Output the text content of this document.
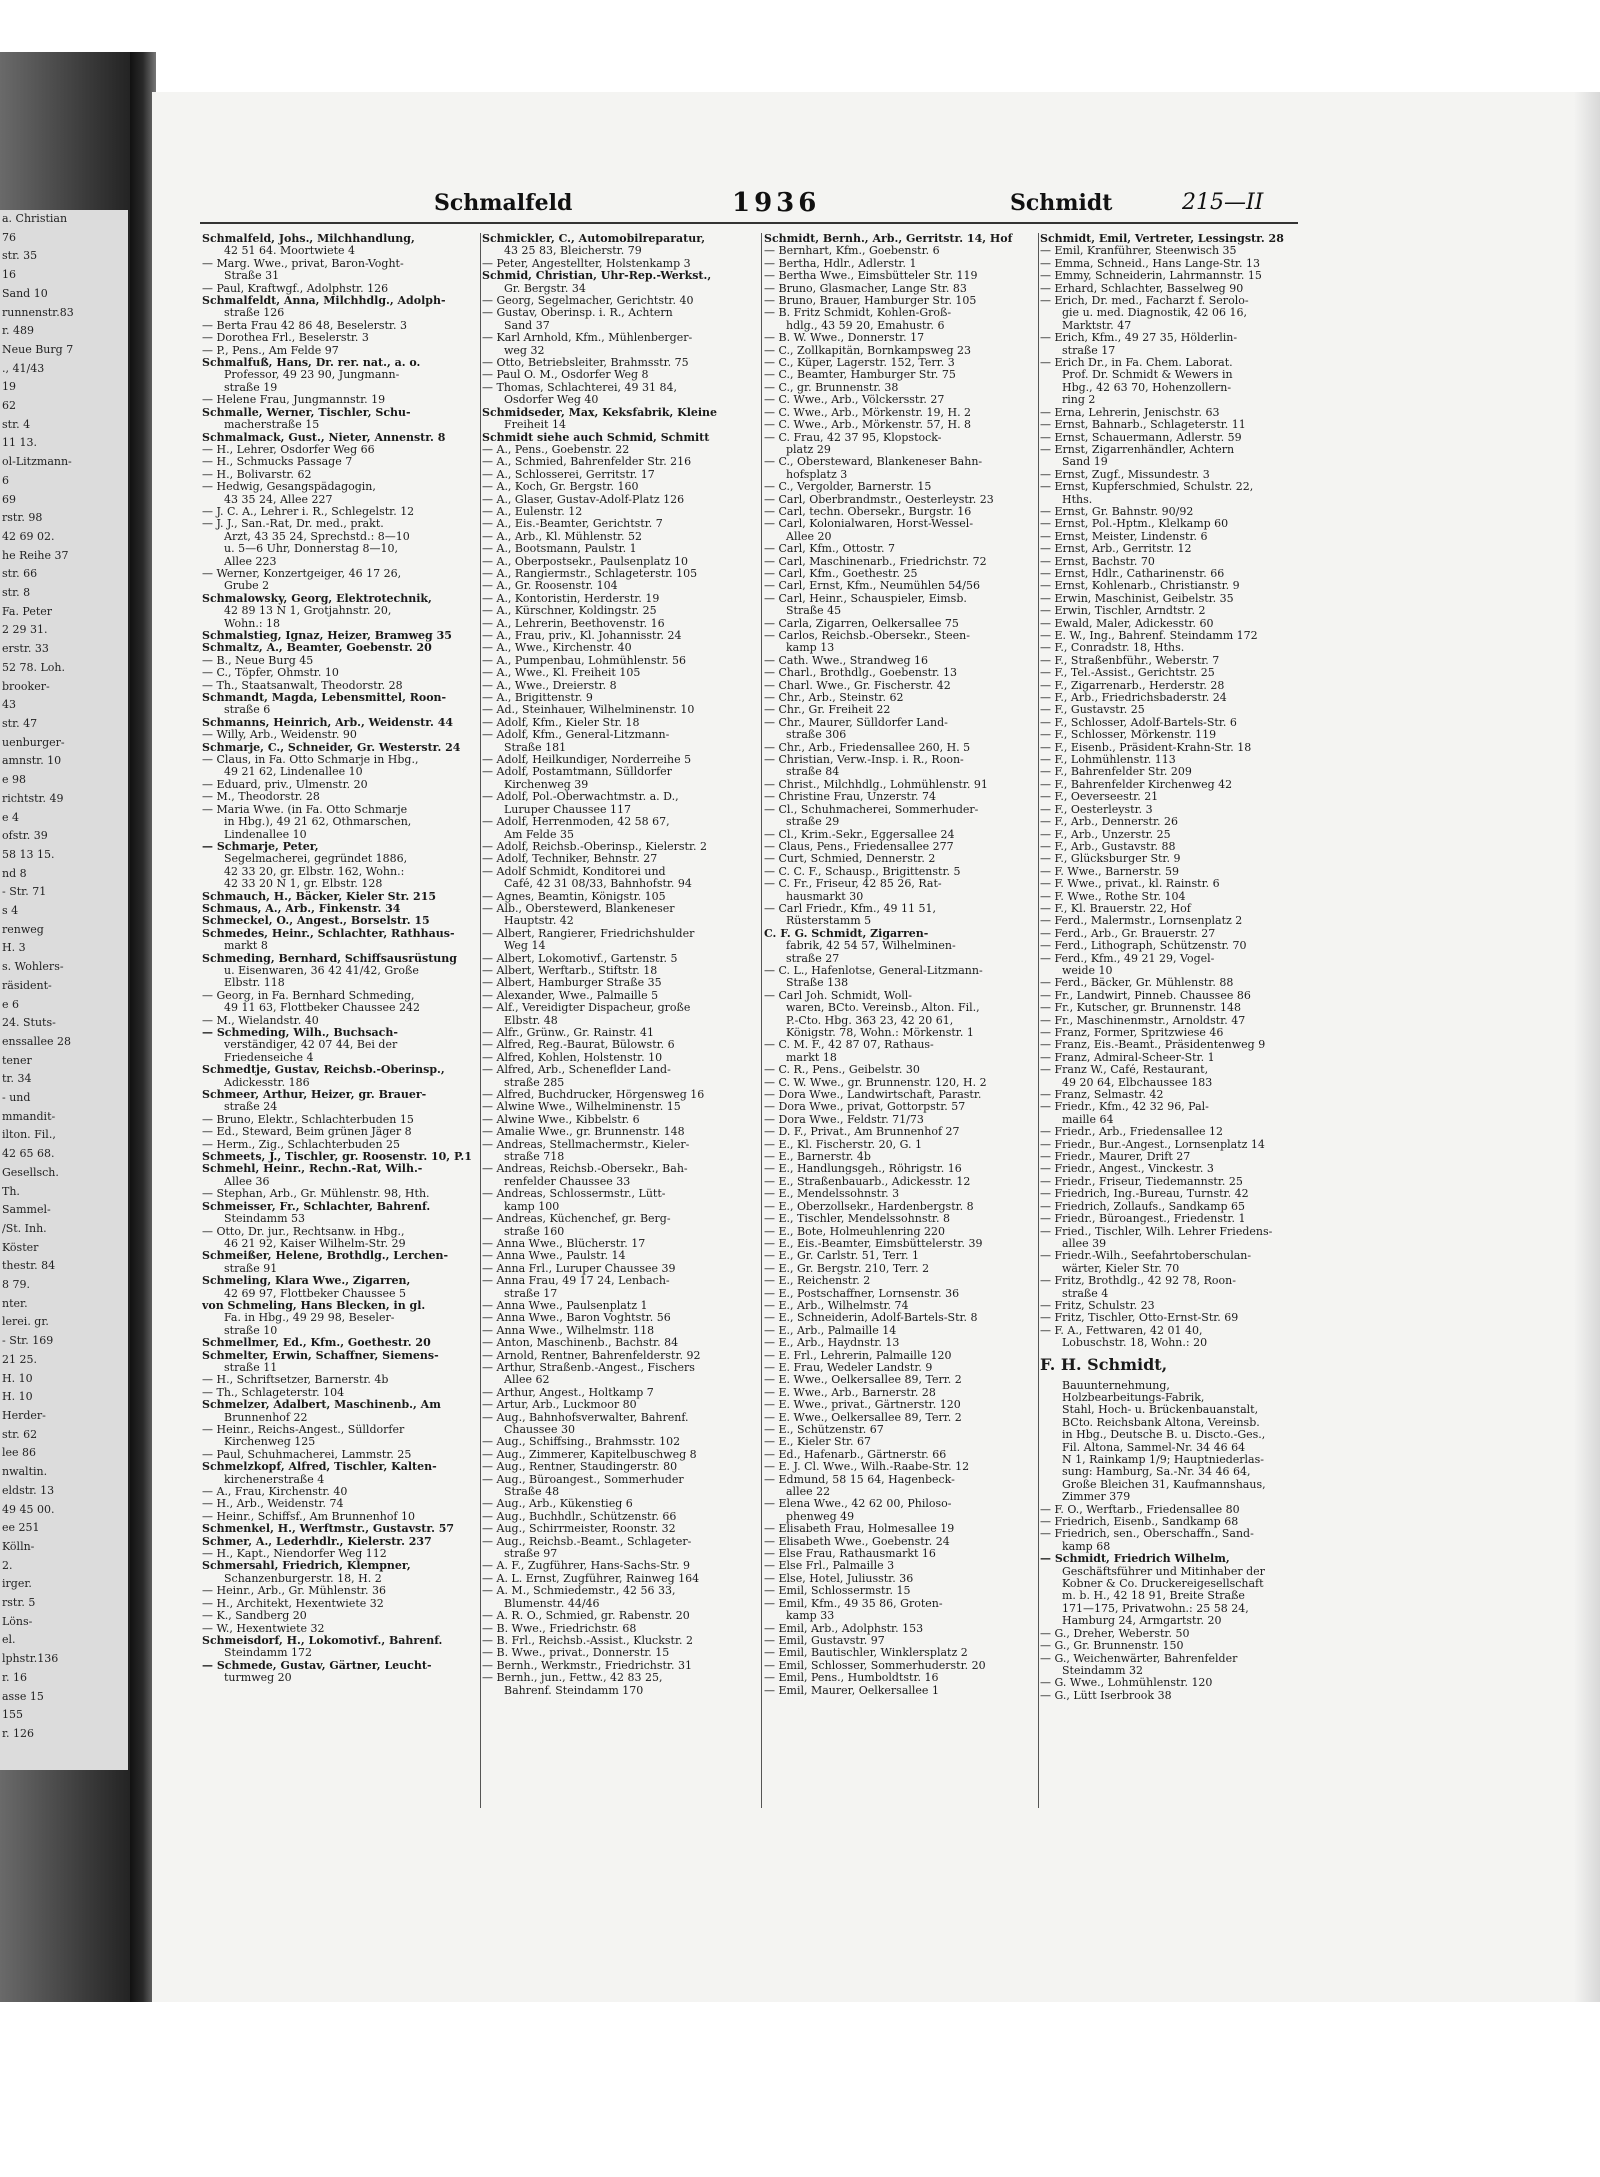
a. Christian
76
str. 35
16
Sand 10
runnenstr.83
r. 489
Neue Burg 7
., 41/43
19
62
str. 4
11 13.
ol-Litzmann-
6
69
rstr. 98
42 69 02.
he Reihe 37
str. 66
str. 8
Fa. Peter
2 29 31.
erstr. 33
52 78. Loh.
brooker-
43
str. 47
uenburger-
amnstr. 10
e 98
richtstr. 49
e 4
ofstr. 39
58 13 15.
nd 8
- Str. 71
s 4
renweg
H. 3
s. Wohlers-
räsident-
e 6
24. Stuts-
enssallee 28
tener
tr. 34
- und
mmandit-
ilton. Fil.,
42 65 68.
Gesellsch.
Th.
Sammel-
/St. Inh.
Köster
thestr. 84
8 79.
nter.
lerei. gr.
- Str. 169
21 25.
H. 10
H. 10
Herder-
str. 62
lee 86
nwaltin.
eldstr. 13
49 45 00.
ee 251
Kölln-
2.
irger.
rstr. 5
Löns-
el.
lphstr.136
r. 16
asse 15
155
r. 126
Schmalfeld	1936	Schmidt	215—II
Schmalfeld, Johs., Milchhandlung,
42 51 64. Moortwiete 4
— Marg. Wwe., privat, Baron-Voght-
Straße 31
— Paul, Kraftwgf., Adolphstr. 126
Schmalfeldt, Anna, Milchhdlg., Adolph-
straße 126
— Berta Frau 42 86 48, Beselerstr. 3
— Dorothea Frl., Beselerstr. 3
— P., Pens., Am Felde 97
Schmalfuß, Hans, Dr. rer. nat., a. o.
Professor, 49 23 90, Jungmann-
straße 19
— Helene Frau, Jungmannstr. 19
Schmalle, Werner, Tischler, Schu-
macherstraße 15
Schmalmack, Gust., Nieter, Annenstr. 8
— H., Lehrer, Osdorfer Weg 66
— H., Schmucks Passage 7
— H., Bolivarstr. 62
— Hedwig, Gesangspädagogin,
43 35 24, Allee 227
— J. C. A., Lehrer i. R., Schlegelstr. 12
— J. J., San.-Rat, Dr. med., prakt.
Arzt, 43 35 24, Sprechstd.: 8—10
u. 5—6 Uhr, Donnerstag 8—10,
Allee 223
— Werner, Konzertgeiger, 46 17 26,
Grube 2
Schmalowsky, Georg, Elektrotechnik,
42 89 13 N 1, Grotjahnstr. 20,
Wohn.: 18
Schmalstieg, Ignaz, Heizer, Bramweg 35
Schmaltz, A., Beamter, Goebenstr. 20
— B., Neue Burg 45
— C., Töpfer, Ohmstr. 10
— Th., Staatsanwalt, Theodorstr. 28
Schmandt, Magda, Lebensmittel, Roon-
straße 6
Schmanns, Heinrich, Arb., Weidenstr. 44
— Willy, Arb., Weidenstr. 90
Schmarje, C., Schneider, Gr. Westerstr. 24
— Claus, in Fa. Otto Schmarje in Hbg.,
49 21 62, Lindenallee 10
— Eduard, priv., Ulmenstr. 20
— M., Theodorstr. 28
— Maria Wwe. (in Fa. Otto Schmarje
in Hbg.), 49 21 62, Othmarschen,
Lindenallee 10
— Schmarje, Peter,
Segelmacherei, gegründet 1886,
42 33 20, gr. Elbstr. 162, Wohn.:
42 33 20 N 1, gr. Elbstr. 128
Schmauch, H., Bäcker, Kieler Str. 215
Schmaus, A., Arb., Finkenstr. 34
Schmeckel, O., Angest., Borselstr. 15
Schmedes, Heinr., Schlachter, Rathhaus-
markt 8
Schmeding, Bernhard, Schiffsausrüstung
u. Eisenwaren, 36 42 41/42, Große
Elbstr. 118
— Georg, in Fa. Bernhard Schmeding,
49 11 63, Flottbeker Chaussee 242
— M., Wielandstr. 40
— Schmeding, Wilh., Buchsach-
verständiger, 42 07 44, Bei der
Friedenseiche 4
Schmedtje, Gustav, Reichsb.-Oberinsp.,
Adickesstr. 186
Schmeer, Arthur, Heizer, gr. Brauer-
straße 24
— Bruno, Elektr., Schlachterbuden 15
— Ed., Steward, Beim grünen Jäger 8
— Herm., Zig., Schlachterbuden 25
Schmeets, J., Tischler, gr. Roosenstr. 10, P.1
Schmehl, Heinr., Rechn.-Rat, Wilh.-
Allee 36
— Stephan, Arb., Gr. Mühlenstr. 98, Hth.
Schmeisser, Fr., Schlachter, Bahrenf.
Steindamm 53
— Otto, Dr. jur., Rechtsanw. in Hbg.,
46 21 92, Kaiser Wilhelm-Str. 29
Schmeißer, Helene, Brothdlg., Lerchen-
straße 91
Schmeling, Klara Wwe., Zigarren,
42 69 97, Flottbeker Chaussee 5
von Schmeling, Hans Blecken, in gl.
Fa. in Hbg., 49 29 98, Beseler-
straße 10
Schmellmer, Ed., Kfm., Goethestr. 20
Schmelter, Erwin, Schaffner, Siemens-
straße 11
— H., Schriftsetzer, Barnerstr. 4b
— Th., Schlageterstr. 104
Schmelzer, Adalbert, Maschinenb., Am
Brunnenhof 22
— Heinr., Reichs-Angest., Sülldorfer
Kirchenweg 125
— Paul, Schuhmacherei, Lammstr. 25
Schmelzkopf, Alfred, Tischler, Kalten-
kirchenerstraße 4
— A., Frau, Kirchenstr. 40
— H., Arb., Weidenstr. 74
— Heinr., Schiffsf., Am Brunnenhof 10
Schmenkel, H., Werftmstr., Gustavstr. 57
Schmer, A., Lederhdlr., Kielerstr. 237
— H., Kapt., Niendorfer Weg 112
Schmersahl, Friedrich, Klempner,
Schanzenburgerstr. 18, H. 2
— Heinr., Arb., Gr. Mühlenstr. 36
— H., Architekt, Hexentwiete 32
— K., Sandberg 20
— W., Hexentwiete 32
Schmeisdorf, H., Lokomotivf., Bahrenf.
Steindamm 172
— Schmede, Gustav, Gärtner, Leucht-
turmweg 20
Schmickler, C., Automobilreparatur,
43 25 83, Bleicherstr. 79
— Peter, Angestellter, Holstenkamp 3
Schmid, Christian, Uhr-Rep.-Werkst.,
Gr. Bergstr. 34
— Georg, Segelmacher, Gerichtstr. 40
— Gustav, Oberinsp. i. R., Achtern
Sand 37
— Karl Arnhold, Kfm., Mühlenberger-
weg 32
— Otto, Betriebsleiter, Brahmsstr. 75
— Paul O. M., Osdorfer Weg 8
— Thomas, Schlachterei, 49 31 84,
Osdorfer Weg 40
Schmidseder, Max, Keksfabrik, Kleine
Freiheit 14
Schmidt siehe auch Schmid, Schmitt
— A., Pens., Goebenstr. 22
— A., Schmied, Bahrenfelder Str. 216
— A., Schlosserei, Gerritstr. 17
— A., Koch, Gr. Bergstr. 160
— A., Glaser, Gustav-Adolf-Platz 126
— A., Eulenstr. 12
— A., Eis.-Beamter, Gerichtstr. 7
— A., Arb., Kl. Mühlenstr. 52
— A., Bootsmann, Paulstr. 1
— A., Oberpostsekr., Paulsenplatz 10
— A., Rangiermstr., Schlageterstr. 105
— A., Gr. Roosenstr. 104
— A., Kontoristin, Herderstr. 19
— A., Kürschner, Koldingstr. 25
— A., Lehrerin, Beethovenstr. 16
— A., Frau, priv., Kl. Johannisstr. 24
— A., Wwe., Kirchenstr. 40
— A., Pumpenbau, Lohmühlenstr. 56
— A., Wwe., Kl. Freiheit 105
— A., Wwe., Dreierstr. 8
— A., Brigittenstr. 9
— Ad., Steinhauer, Wilhelminenstr. 10
— Adolf, Kfm., Kieler Str. 18
— Adolf, Kfm., General-Litzmann-
Straße 181
— Adolf, Heilkundiger, Norderreihe 5
— Adolf, Postamtmann, Sülldorfer
Kirchenweg 39
— Adolf, Pol.-Oberwachtmstr. a. D.,
Luruper Chaussee 117
— Adolf, Herrenmoden, 42 58 67,
Am Felde 35
— Adolf, Reichsb.-Oberinsp., Kielerstr. 2
— Adolf, Techniker, Behnstr. 27
— Adolf Schmidt, Konditorei und
Café, 42 31 08/33, Bahnhofstr. 94
— Agnes, Beamtin, Königstr. 105
— Alb., Oberstewerd, Blankeneser
Hauptstr. 42
— Albert, Rangierer, Friedrichshulder
Weg 14
— Albert, Lokomotivf., Gartenstr. 5
— Albert, Werftarb., Stiftstr. 18
— Albert, Hamburger Straße 35
— Alexander, Wwe., Palmaille 5
— Alf., Vereidigter Dispacheur, große
Elbstr. 48
— Alfr., Grünw., Gr. Rainstr. 41
— Alfred, Reg.-Baurat, Bülowstr. 6
— Alfred, Kohlen, Holstenstr. 10
— Alfred, Arb., Scheneflder Land-
straße 285
— Alfred, Buchdrucker, Hörgensweg 16
— Alwine Wwe., Wilhelminenstr. 15
— Alwine Wwe., Kibbelstr. 6
— Amalie Wwe., gr. Brunnenstr. 148
— Andreas, Stellmachermstr., Kieler-
straße 718
— Andreas, Reichsb.-Obersekr., Bah-
renfelder Chaussee 33
— Andreas, Schlossermstr., Lütt-
kamp 100
— Andreas, Küchenchef, gr. Berg-
straße 160
— Anna Wwe., Blücherstr. 17
— Anna Wwe., Paulstr. 14
— Anna Frl., Luruper Chaussee 39
— Anna Frau, 49 17 24, Lenbach-
straße 17
— Anna Wwe., Paulsenplatz 1
— Anna Wwe., Baron Voghtstr. 56
— Anna Wwe., Wilhelmstr. 118
— Anton, Maschinenb., Bachstr. 84
— Arnold, Rentner, Bahrenfelderstr. 92
— Arthur, Straßenb.-Angest., Fischers
Allee 62
— Arthur, Angest., Holtkamp 7
— Artur, Arb., Luckmoor 80
— Aug., Bahnhofsverwalter, Bahrenf.
Chaussee 30
— Aug., Schiffsing., Brahmsstr. 102
— Aug., Zimmerer, Kapitelbuschweg 8
— Aug., Rentner, Staudingerstr. 80
— Aug., Büroangest., Sommerhuder
Straße 48
— Aug., Arb., Kükenstieg 6
— Aug., Buchhdlr., Schützenstr. 66
— Aug., Schirrmeister, Roonstr. 32
— Aug., Reichsb.-Beamt., Schlageter-
straße 97
— A. F., Zugführer, Hans-Sachs-Str. 9
— A. L. Ernst, Zugführer, Rainweg 164
— A. M., Schmiedemstr., 42 56 33,
Blumenstr. 44/46
— A. R. O., Schmied, gr. Rabenstr. 20
— B. Wwe., Friedrichstr. 68
— B. Frl., Reichsb.-Assist., Kluckstr. 2
— B. Wwe., privat., Donnerstr. 15
— Bernh., Werkmstr., Friedrichstr. 31
— Bernh., jun., Fettw., 42 83 25,
Bahrenf. Steindamm 170
Schmidt, Bernh., Arb., Gerritstr. 14, Hof
— Bernhart, Kfm., Goebenstr. 6
— Bertha, Hdlr., Adlerstr. 1
— Bertha Wwe., Eimsbütteler Str. 119
— Bruno, Glasmacher, Lange Str. 83
— Bruno, Brauer, Hamburger Str. 105
— B. Fritz Schmidt, Kohlen-Groß-
hdlg., 43 59 20, Emahustr. 6
— B. W. Wwe., Donnerstr. 17
— C., Zollkapitän, Bornkampsweg 23
— C., Küper, Lagerstr. 152, Terr. 3
— C., Beamter, Hamburger Str. 75
— C., gr. Brunnenstr. 38
— C. Wwe., Arb., Völckersstr. 27
— C. Wwe., Arb., Mörkenstr. 19, H. 2
— C. Wwe., Arb., Mörkenstr. 57, H. 8
— C. Frau, 42 37 95, Klopstock-
platz 29
— C., Obersteward, Blankeneser Bahn-
hofsplatz 3
— C., Vergolder, Barnerstr. 15
— Carl, Oberbrandmstr., Oesterleystr. 23
— Carl, techn. Obersekr., Burgstr. 16
— Carl, Kolonialwaren, Horst-Wessel-
Allee 20
— Carl, Kfm., Ottostr. 7
— Carl, Maschinenarb., Friedrichstr. 72
— Carl, Kfm., Goethestr. 25
— Carl, Ernst, Kfm., Neumühlen 54/56
— Carl, Heinr., Schauspieler, Eimsb.
Straße 45
— Carla, Zigarren, Oelkersallee 75
— Carlos, Reichsb.-Obersekr., Steen-
kamp 13
— Cath. Wwe., Strandweg 16
— Charl., Brothdlg., Goebenstr. 13
— Charl. Wwe., Gr. Fischerstr. 42
— Chr., Arb., Steinstr. 62
— Chr., Gr. Freiheit 22
— Chr., Maurer, Sülldorfer Land-
straße 306
— Chr., Arb., Friedensallee 260, H. 5
— Christian, Verw.-Insp. i. R., Roon-
straße 84
— Christ., Milchhdlg., Lohmühlenstr. 91
— Christine Frau, Unzerstr. 74
— Cl., Schuhmacherei, Sommerhuder-
straße 29
— Cl., Krim.-Sekr., Eggersallee 24
— Claus, Pens., Friedensallee 277
— Curt, Schmied, Dennerstr. 2
— C. C. F., Schausp., Brigittenstr. 5
— C. Fr., Friseur, 42 85 26, Rat-
hausmarkt 30
— Carl Friedr., Kfm., 49 11 51,
Rüsterstamm 5
C. F. G. Schmidt, Zigarren-
fabrik, 42 54 57, Wilhelminen-
straße 27
— C. L., Hafenlotse, General-Litzmann-
Straße 138
— Carl Joh. Schmidt, Woll-
waren, BCto. Vereinsb., Alton. Fil.,
P.-Cto. Hbg. 363 23, 42 20 61,
Königstr. 78, Wohn.: Mörkenstr. 1
— C. M. F., 42 87 07, Rathaus-
markt 18
— C. R., Pens., Geibelstr. 30
— C. W. Wwe., gr. Brunnenstr. 120, H. 2
— Dora Wwe., Landwirtschaft, Parastr.
— Dora Wwe., privat, Gottorpstr. 57
— Dora Wwe., Feldstr. 71/73
— D. F., Privat., Am Brunnenhof 27
— E., Kl. Fischerstr. 20, G. 1
— E., Barnerstr. 4b
— E., Handlungsgeh., Röhrigstr. 16
— E., Straßenbauarb., Adickesstr. 12
— E., Mendelssohnstr. 3
— E., Oberzollsekr., Hardenbergstr. 8
— E., Tischler, Mendelssohnstr. 8
— E., Bote, Holmeuhlenring 220
— E., Eis.-Beamter, Eimsbüttelerstr. 39
— E., Gr. Carlstr. 51, Terr. 1
— E., Gr. Bergstr. 210, Terr. 2
— E., Reichenstr. 2
— E., Postschaffner, Lornsenstr. 36
— E., Arb., Wilhelmstr. 74
— E., Schneiderin, Adolf-Bartels-Str. 8
— E., Arb., Palmaille 14
— E., Arb., Haydnstr. 13
— E. Frl., Lehrerin, Palmaille 120
— E. Frau, Wedeler Landstr. 9
— E. Wwe., Oelkersallee 89, Terr. 2
— E. Wwe., Arb., Barnerstr. 28
— E. Wwe., privat., Gärtnerstr. 120
— E. Wwe., Oelkersallee 89, Terr. 2
— E., Schützenstr. 67
— E., Kieler Str. 67
— Ed., Hafenarb., Gärtnerstr. 66
— E. J. Cl. Wwe., Wilh.-Raabe-Str. 12
— Edmund, 58 15 64, Hagenbeck-
allee 22
— Elena Wwe., 42 62 00, Philoso-
phenweg 49
— Elisabeth Frau, Holmesallee 19
— Elisabeth Wwe., Goebenstr. 24
— Else Frau, Rathausmarkt 16
— Else Frl., Palmaille 3
— Else, Hotel, Juliusstr. 36
— Emil, Schlossermstr. 15
— Emil, Kfm., 49 35 86, Groten-
kamp 33
— Emil, Arb., Adolphstr. 153
— Emil, Gustavstr. 97
— Emil, Bautischler, Winklersplatz 2
— Emil, Schlosser, Sommerhuderstr. 20
— Emil, Pens., Humboldtstr. 16
— Emil, Maurer, Oelkersallee 1
Schmidt, Emil, Vertreter, Lessingstr. 28
— Emil, Kranführer, Steenwisch 35
— Emma, Schneid., Hans Lange-Str. 13
— Emmy, Schneiderin, Lahrmannstr. 15
— Erhard, Schlachter, Basselweg 90
— Erich, Dr. med., Facharzt f. Serolo-
gie u. med. Diagnostik, 42 06 16,
Marktstr. 47
— Erich, Kfm., 49 27 35, Hölderlin-
straße 17
— Erich Dr., in Fa. Chem. Laborat.
Prof. Dr. Schmidt & Wewers in
Hbg., 42 63 70, Hohenzollern-
ring 2
— Erna, Lehrerin, Jenischstr. 63
— Ernst, Bahnarb., Schlageterstr. 11
— Ernst, Schauermann, Adlerstr. 59
— Ernst, Zigarrenhändler, Achtern
Sand 19
— Ernst, Zugf., Missundestr. 3
— Ernst, Kupferschmied, Schulstr. 22,
Hths.
— Ernst, Gr. Bahnstr. 90/92
— Ernst, Pol.-Hptm., Klelkamp 60
— Ernst, Meister, Lindenstr. 6
— Ernst, Arb., Gerritstr. 12
— Ernst, Bachstr. 70
— Ernst, Hdlr., Catharinenstr. 66
— Ernst, Kohlenarb., Christianstr. 9
— Erwin, Maschinist, Geibelstr. 35
— Erwin, Tischler, Arndtstr. 2
— Ewald, Maler, Adickesstr. 60
— E. W., Ing., Bahrenf. Steindamm 172
— F., Conradstr. 18, Hths.
— F., Straßenbführ., Weberstr. 7
— F., Tel.-Assist., Gerichtstr. 25
— F., Zigarrenarb., Herderstr. 28
— F., Arb., Friedrichsbaderstr. 24
— F., Gustavstr. 25
— F., Schlosser, Adolf-Bartels-Str. 6
— F., Schlosser, Mörkenstr. 119
— F., Eisenb., Präsident-Krahn-Str. 18
— F., Lohmühlenstr. 113
— F., Bahrenfelder Str. 209
— F., Bahrenfelder Kirchenweg 42
— F., Oeverseestr. 21
— F., Oesterleystr. 3
— F., Arb., Dennerstr. 26
— F., Arb., Unzerstr. 25
— F., Arb., Gustavstr. 88
— F., Glücksburger Str. 9
— F. Wwe., Barnerstr. 59
— F. Wwe., privat., kl. Rainstr. 6
— F. Wwe., Rothe Str. 104
— F., Kl. Brauerstr. 22, Hof
— Ferd., Malermstr., Lornsenplatz 2
— Ferd., Arb., Gr. Brauerstr. 27
— Ferd., Lithograph, Schützenstr. 70
— Ferd., Kfm., 49 21 29, Vogel-
weide 10
— Ferd., Bäcker, Gr. Mühlenstr. 88
— Fr., Landwirt, Pinneb. Chaussee 86
— Fr., Kutscher, gr. Brunnenstr. 148
— Fr., Maschinenmstr., Arnoldstr. 47
— Franz, Former, Spritzwiese 46
— Franz, Eis.-Beamt., Präsidentenweg 9
— Franz, Admiral-Scheer-Str. 1
— Franz W., Café, Restaurant,
49 20 64, Elbchaussee 183
— Franz, Selmastr. 42
— Friedr., Kfm., 42 32 96, Pal-
maille 64
— Friedr., Arb., Friedensallee 12
— Friedr., Bur.-Angest., Lornsenplatz 14
— Friedr., Maurer, Drift 27
— Friedr., Angest., Vinckestr. 3
— Friedr., Friseur, Tiedemannstr. 25
— Friedrich, Ing.-Bureau, Turnstr. 42
— Friedrich, Zollaufs., Sandkamp 65
— Friedr., Büroangest., Friedenstr. 1
— Fried., Tischler, Wilh. Lehrer Friedens-
allee 39
— Friedr.-Wilh., Seefahrtoberschulan-
wärter, Kieler Str. 70
— Fritz, Brothdlg., 42 92 78, Roon-
straße 4
— Fritz, Schulstr. 23
— Fritz, Tischler, Otto-Ernst-Str. 69
— F. A., Fettwaren, 42 01 40,
Lobuschstr. 18, Wohn.: 20
F. H. Schmidt,
Bauunternehmung,
Holzbearbeitungs-Fabrik,
Stahl, Hoch- u. Brückenbauanstalt,
BCto. Reichsbank Altona, Vereinsb.
in Hbg., Deutsche B. u. Discto.-Ges.,
Fil. Altona, Sammel-Nr. 34 46 64
N 1, Rainkamp 1/9; Hauptniederlas-
sung: Hamburg, Sa.-Nr. 34 46 64,
Große Bleichen 31, Kaufmannshaus,
Zimmer 379
— F. O., Werftarb., Friedensallee 80
— Friedrich, Eisenb., Sandkamp 68
— Friedrich, sen., Oberschaffn., Sand-
kamp 68
— Schmidt, Friedrich Wilhelm,
Geschäftsführer und Mitinhaber der
Kobner & Co. Druckereigesellschaft
m. b. H., 42 18 91, Breite Straße
171—175, Privatwohn.: 25 58 24,
Hamburg 24, Armgartstr. 20
— G., Dreher, Weberstr. 50
— G., Gr. Brunnenstr. 150
— G., Weichenwärter, Bahrenfelder
Steindamm 32
— G. Wwe., Lohmühlenstr. 120
— G., Lütt Iserbrook 38
